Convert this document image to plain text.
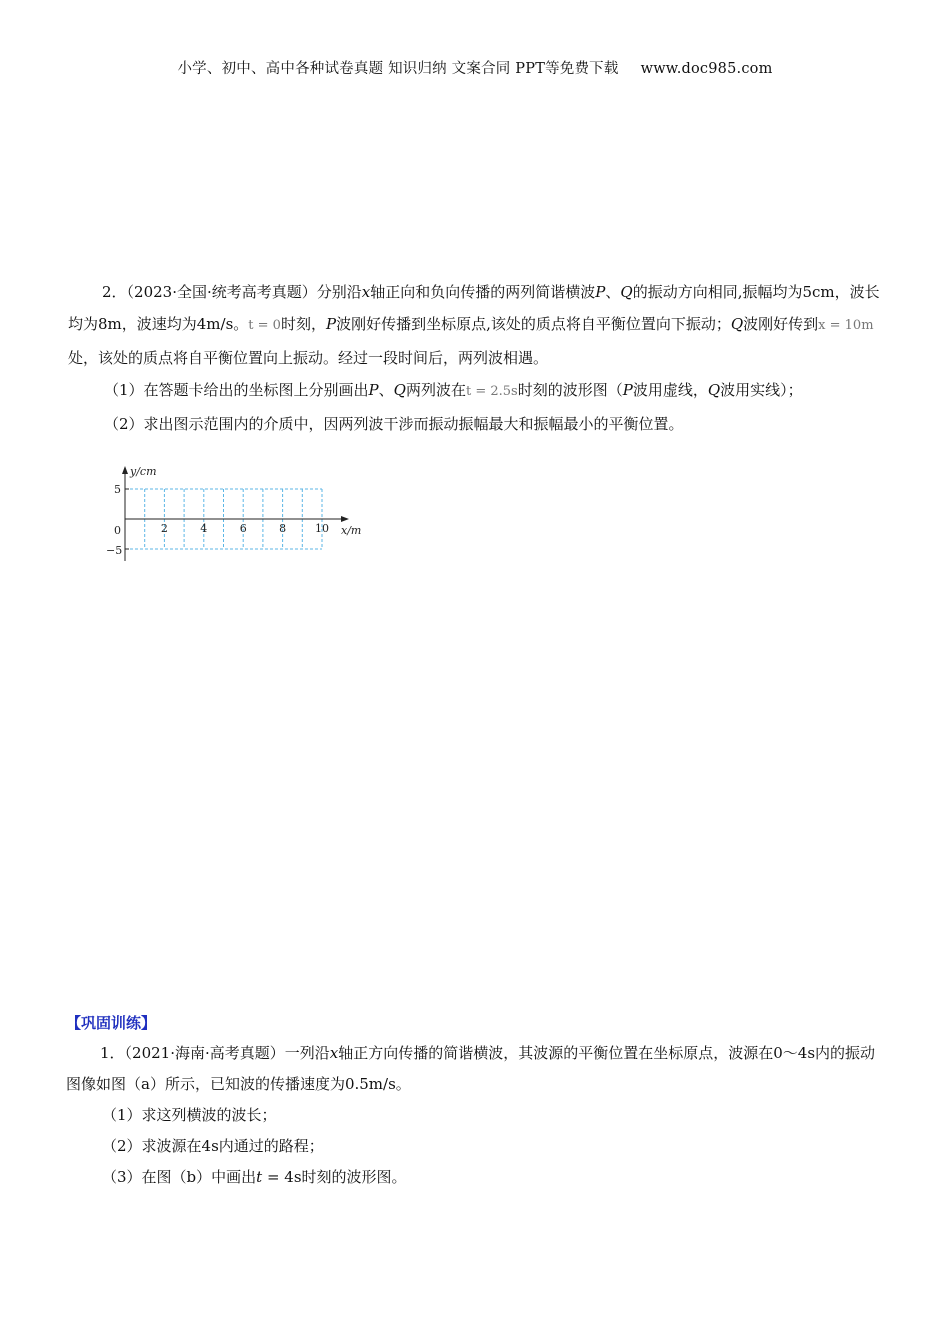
小学、初中、高中各种试卷真题 知识归纳 文案合同 PPT等免费下载 www.doc985.com

2．（2023·全国·统考高考真题）分别沿x轴正向和负向传播的两列简谐横波P、Q的振动方向相同,振幅均为5cm，波长均为8m，波速均为4m/s。t = 0时刻，P波刚好传播到坐标原点,该处的质点将自平衡位置向下振动；Q波刚好传到x = 10m处，该处的质点将自平衡位置向上振动。经过一段时间后，两列波相遇。

（1）在答题卡给出的坐标图上分别画出P、Q两列波在t = 2.5s时刻的波形图（P波用虚线，Q波用实线）；

（2）求出图示范围内的介质中，因两列波干涉而振动振幅最大和振幅最小的平衡位置。

y/cm
x/m
0
5
−5
2	4	6	8	10
【巩固训练】

1．（2021·海南·高考真题）一列沿x轴正方向传播的简谐横波，其波源的平衡位置在坐标原点，波源在0～4s内的振动图像如图（a）所示，已知波的传播速度为0.5m/s。

（1）求这列横波的波长；

（2）求波源在4s内通过的路程；

（3）在图（b）中画出t = 4s时刻的波形图。
